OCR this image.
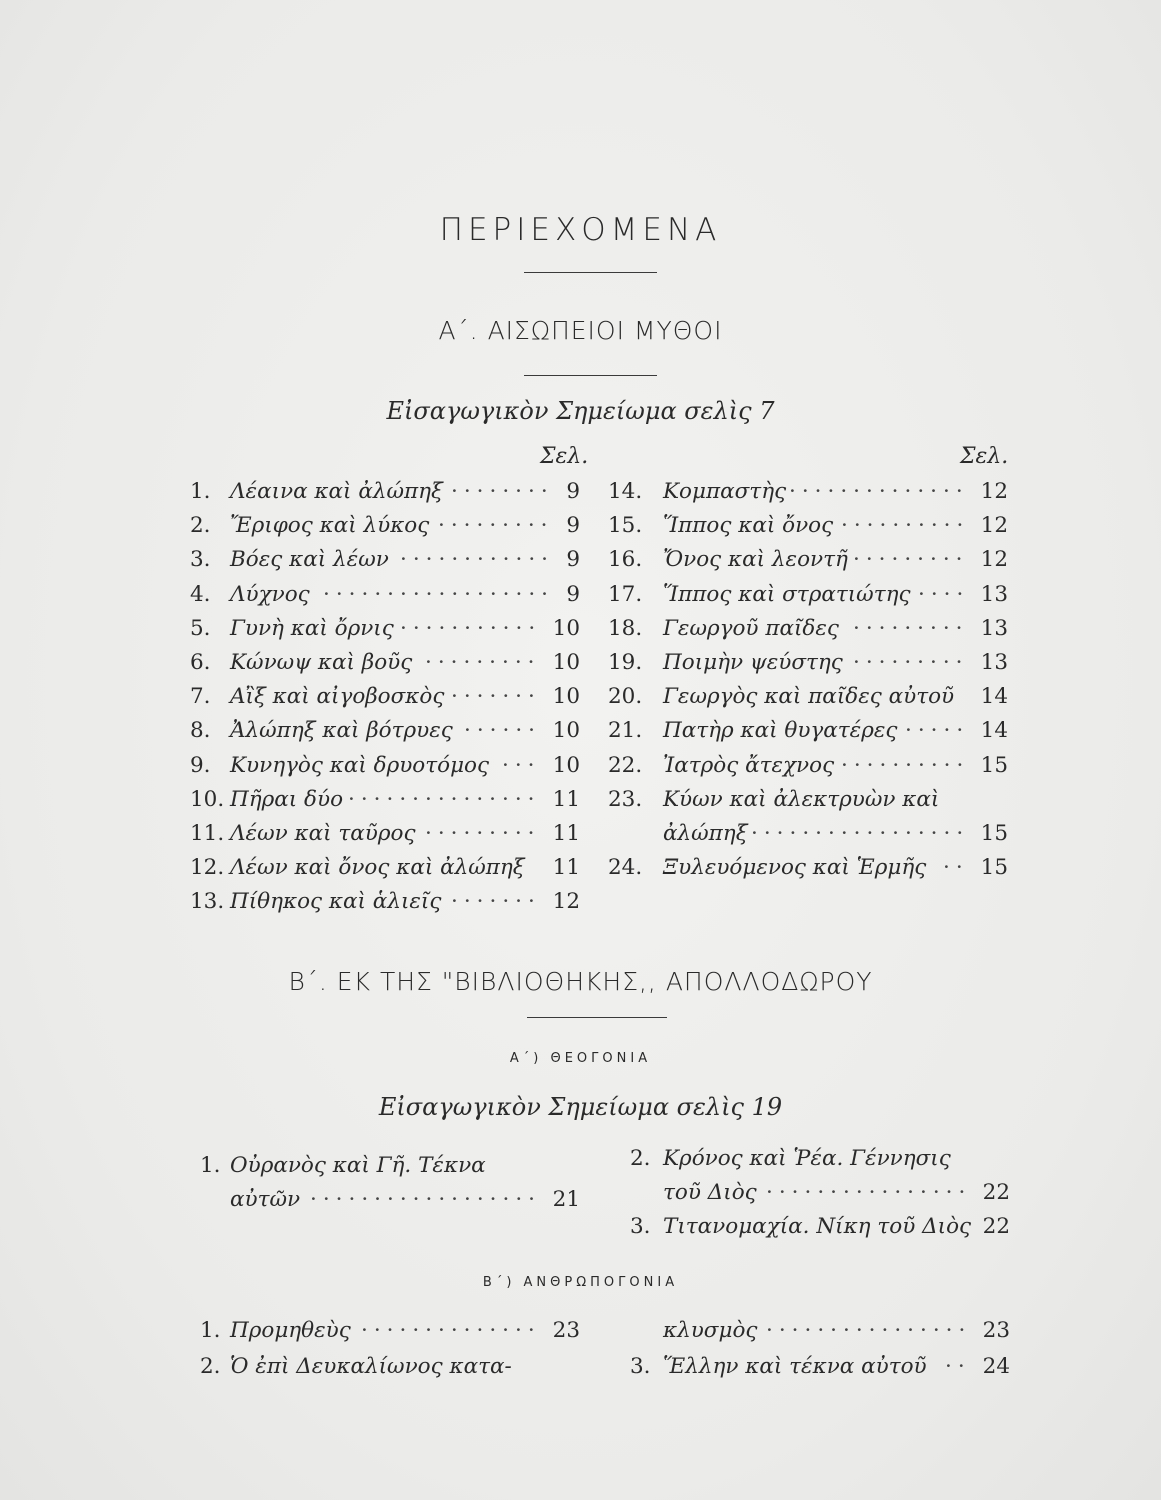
ΠΕΡΙΕΧΟΜΕΝΑ
Α΄. ΑΙΣΩΠΕΙΟΙ ΜΥΘΟΙ
Εἰσαγωγικὸν Σημείωμα σελὶς 7
Σελ.	Σελ.
1. Λέαινα καὶ ἀλώπηξ	9
········
2. Ἔριφος καὶ λύκος	9
·········
3. Βόες καὶ λέων	9
············
4. Λύχνος	9
··················
5. Γυνὴ καὶ ὄρνις	10
···········
6. Κώνωψ καὶ βοῦς	10
·········
7. Αἲξ καὶ αἰγοβοσκὸς	10
·······
8. Ἀλώπηξ καὶ βότρυες	10
······
9. Κυνηγὸς καὶ δρυοτόμος	10
···
10. Πῆραι δύο	11
···············
11. Λέων καὶ ταῦρος	11
·········
12. Λέων καὶ ὄνος καὶ ἀλώπηξ 11
13. Πίθηκος καὶ ἁλιεῖς	12
·······
14. Κομπαστὴς	12
··············
15. Ἵππος καὶ ὄνος	12
··········
16. Ὄνος καὶ λεοντῆ	12
·········
17. Ἵππος καὶ στρατιώτης	13
····
18. Γεωργοῦ παῖδες	13
·········
19. Ποιμὴν ψεύστης	13
·········
20. Γεωργὸς καὶ παῖδες αὐτοῦ 14
21. Πατὴρ καὶ θυγατέρες	14
·····
22. Ἰατρὸς ἄτεχνος	15
··········
23. Κύων καὶ ἀλεκτρυὼν καὶ
ἀλώπηξ	15
·················
24. Ξυλευόμενος καὶ Ἑρμῆς	15
··
Β΄. ΕΚ ΤΗΣ "ΒΙΒΛΙΟΘΗΚΗΣ,, ΑΠΟΛΛΟΔΩΡΟΥ
Α΄) ΘΕΟΓΟΝΙΑ
Εἰσαγωγικὸν Σημείωμα σελὶς 19
1. Οὐρανὸς καὶ Γῆ. Τέκνα
αὐτῶν	21
··················
2. Κρόνος καὶ Ῥέα. Γέννησις
τοῦ Διὸς	22
················
3. Τιτανομαχία. Νίκη τοῦ Διὸς 22
Β΄) ΑΝΘΡΩΠΟΓΟΝΙΑ
1. Προμηθεὺς	23
··············
2. Ὁ ἐπὶ Δευκαλίωνος κατα-
κλυσμὸς	23
················
3. Ἕλλην καὶ τέκνα αὐτοῦ	24
··
